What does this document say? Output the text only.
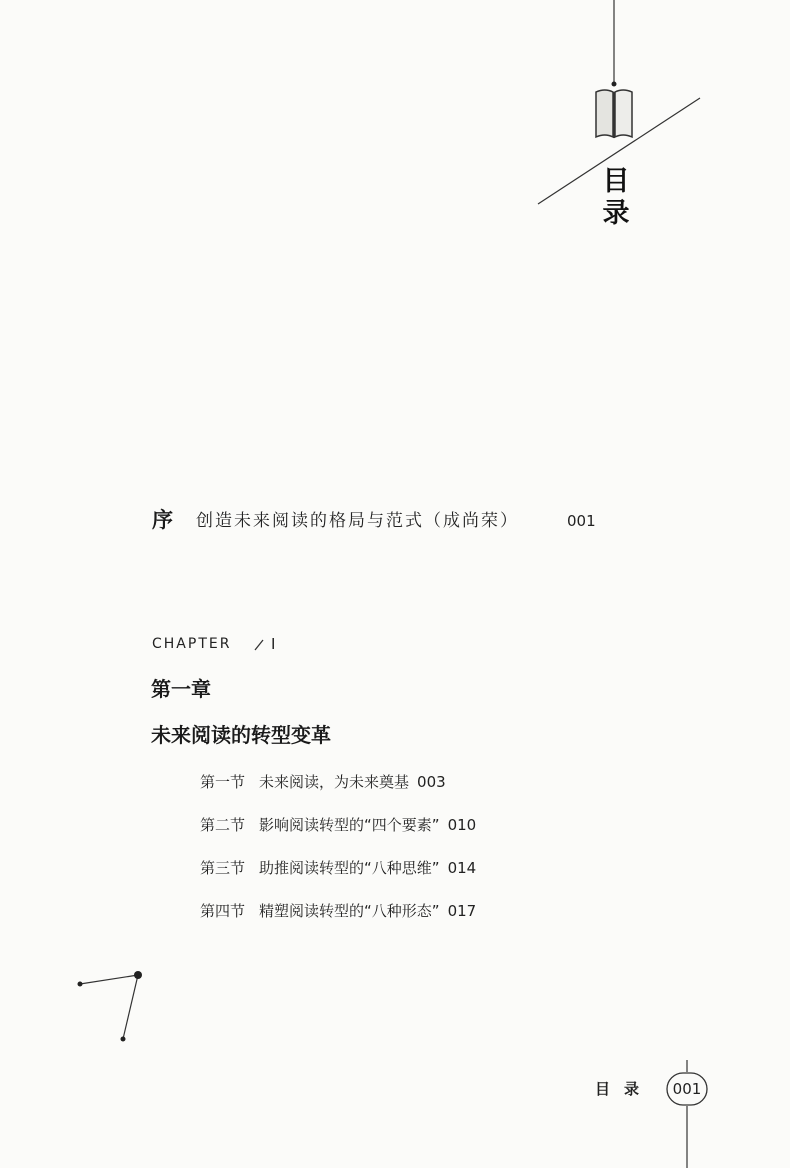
目
录
序 创造未来阅读的格局与范式（成尚荣）	001
CHAPTER	I
第一章
未来阅读的转型变革
第一节 未来阅读，为未来奠基 003
第二节 影响阅读转型的“四个要素” 010
第三节 助推阅读转型的“八种思维” 014
第四节 精塑阅读转型的“八种形态” 017
目录	001
